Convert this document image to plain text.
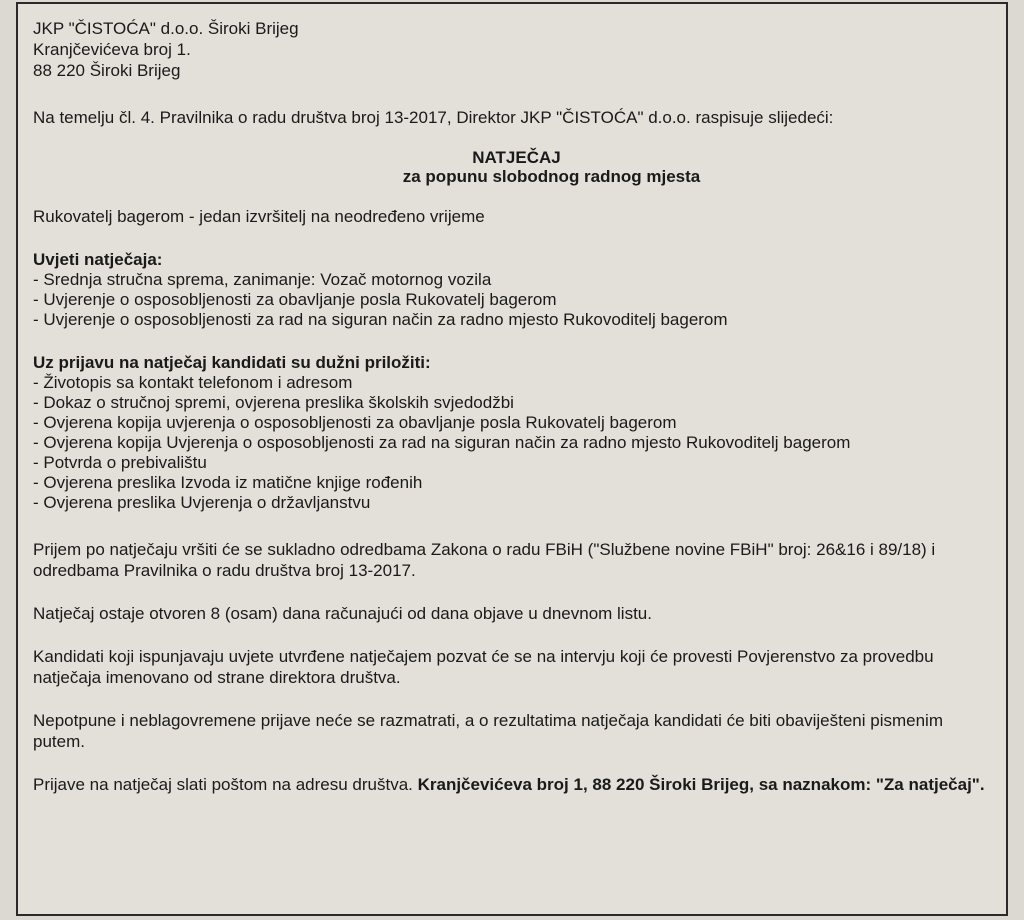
JKP "ČISTOĆA" d.o.o. Široki Brijeg
Kranjčevićeva broj 1.
88 220 Široki Brijeg
Na temelju čl. 4. Pravilnika o radu društva broj 13-2017, Direktor JKP "ČISTOĆA" d.o.o. raspisuje slijedeći:
NATJEČAJ
za popunu slobodnog radnog mjesta
Rukovatelj bagerom - jedan izvršitelj na neodređeno vrijeme
Uvjeti natječaja:
- Srednja stručna sprema, zanimanje: Vozač motornog vozila
- Uvjerenje o osposobljenosti za obavljanje posla Rukovatelj bagerom
- Uvjerenje o osposobljenosti za rad na siguran način za radno mjesto Rukovoditelj bagerom
Uz prijavu na natječaj kandidati su dužni priložiti:
- Životopis sa kontakt telefonom i adresom
- Dokaz o stručnoj spremi, ovjerena preslika školskih svjedodžbi
- Ovjerena kopija uvjerenja o osposobljenosti za obavljanje posla Rukovatelj bagerom
- Ovjerena kopija Uvjerenja o osposobljenosti za rad na siguran način za radno mjesto Rukovoditelj bagerom
- Potvrda o prebivalištu
- Ovjerena preslika Izvoda iz matične knjige rođenih
- Ovjerena preslika Uvjerenja o državljanstvu
Prijem po natječaju vršiti će se sukladno odredbama Zakona o radu FBiH ("Službene novine FBiH" broj: 26&16 i 89/18) i odredbama Pravilnika o radu društva broj 13-2017.
Natječaj ostaje otvoren 8 (osam) dana računajući od dana objave u dnevnom listu.
Kandidati koji ispunjavaju uvjete utvrđene natječajem pozvat će se na intervju koji će provesti Povjerenstvo za provedbu natječaja imenovano od strane direktora društva.
Nepotpune i neblagovremene prijave neće se razmatrati, a o rezultatima natječaja kandidati će biti obaviješteni pismenim putem.
Prijave na natječaj slati poštom na adresu društva. Kranjčevićeva broj 1, 88 220 Široki Brijeg, sa naznakom: "Za natječaj".
